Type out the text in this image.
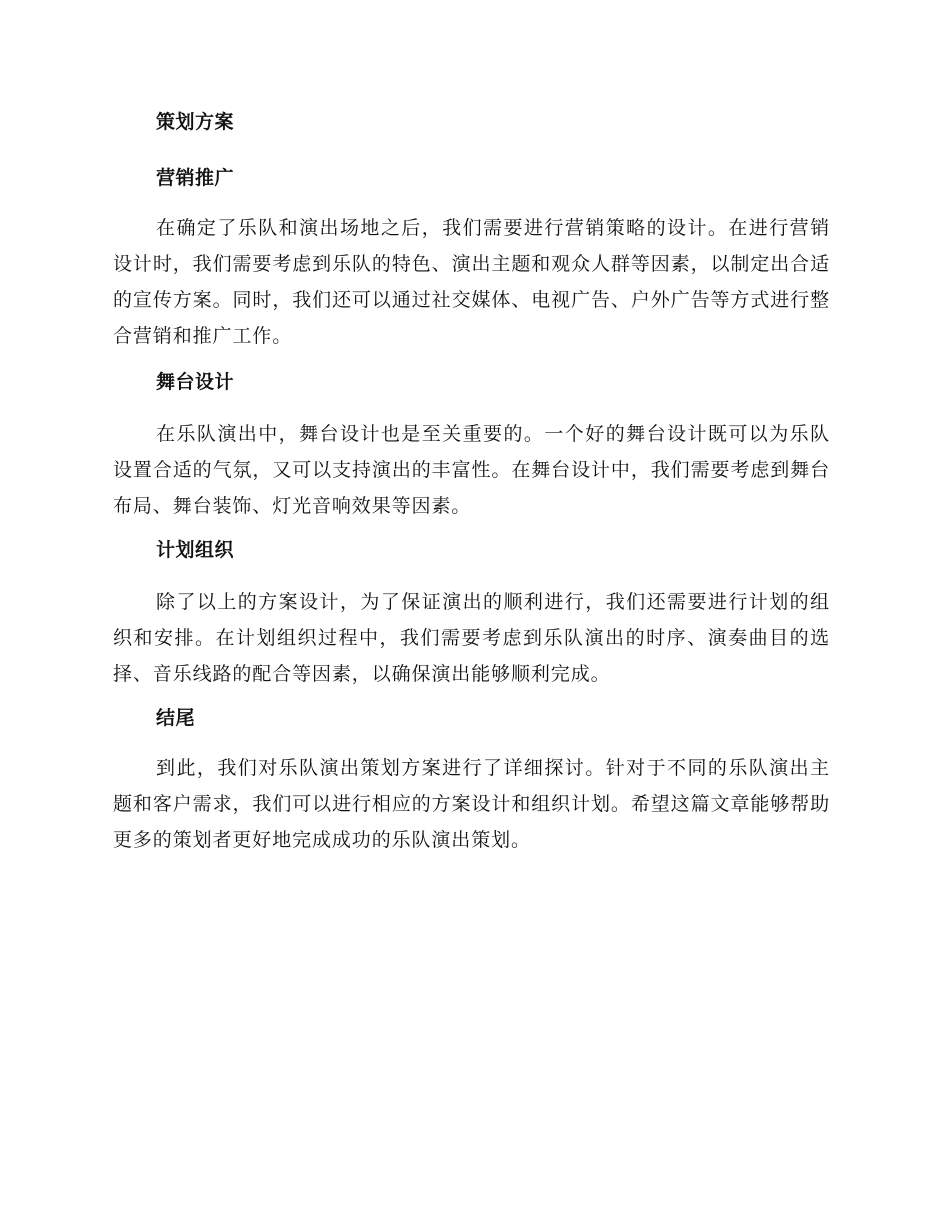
策划方案

营销推广

在确定了乐队和演出场地之后，我们需要进行营销策略的设计。在进行营销设计时，我们需要考虑到乐队的特色、演出主题和观众人群等因素，以制定出合适的宣传方案。同时，我们还可以通过社交媒体、电视广告、户外广告等方式进行整合营销和推广工作。

舞台设计

在乐队演出中，舞台设计也是至关重要的。一个好的舞台设计既可以为乐队设置合适的气氛，又可以支持演出的丰富性。在舞台设计中，我们需要考虑到舞台布局、舞台装饰、灯光音响效果等因素。

计划组织

除了以上的方案设计，为了保证演出的顺利进行，我们还需要进行计划的组织和安排。在计划组织过程中，我们需要考虑到乐队演出的时序、演奏曲目的选择、音乐线路的配合等因素，以确保演出能够顺利完成。

结尾

到此，我们对乐队演出策划方案进行了详细探讨。针对于不同的乐队演出主题和客户需求，我们可以进行相应的方案设计和组织计划。希望这篇文章能够帮助更多的策划者更好地完成成功的乐队演出策划。
